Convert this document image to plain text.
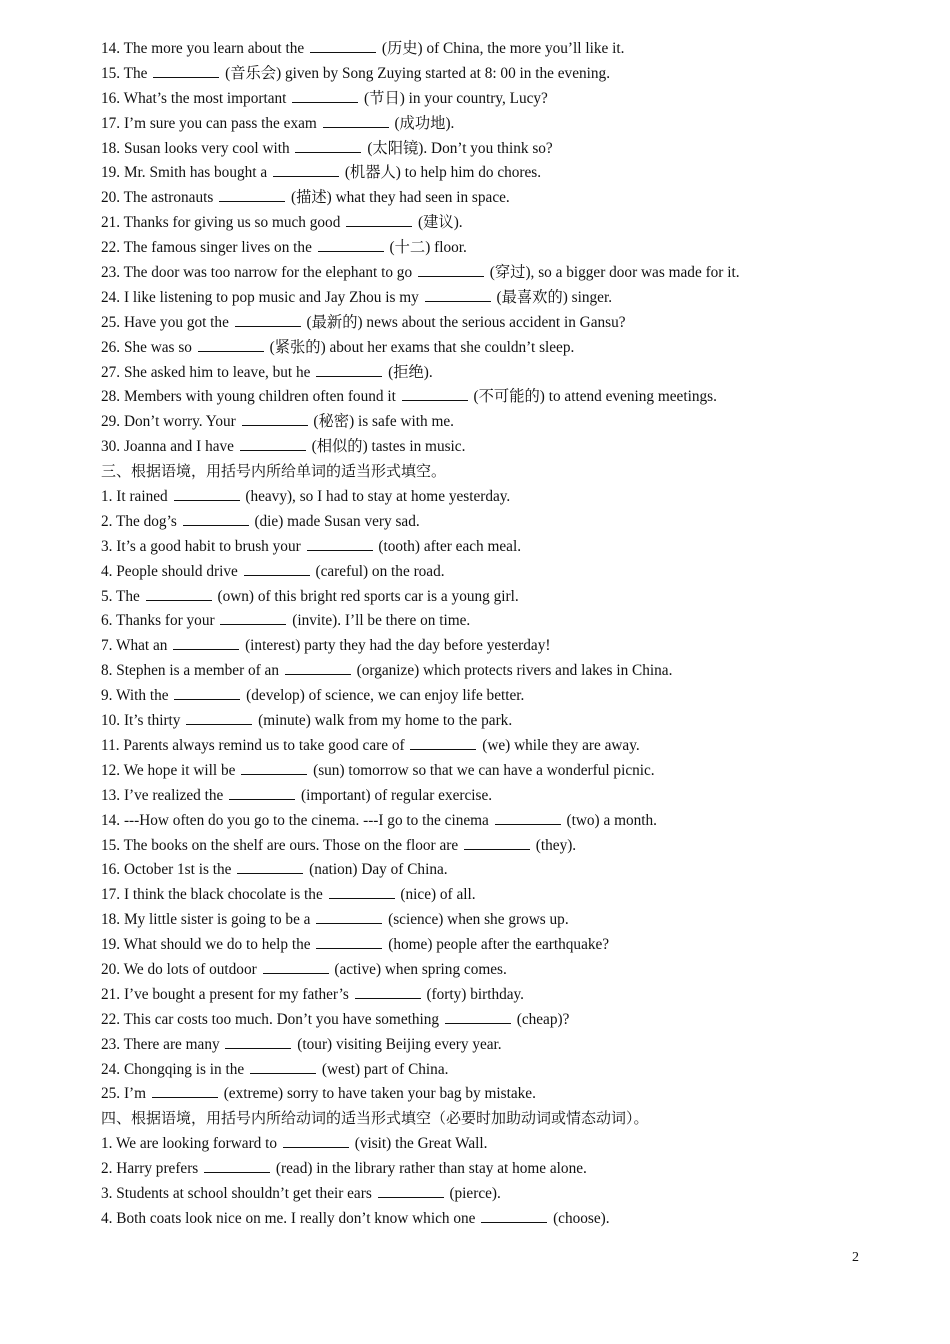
14. The more you learn about the	(历史) of China, the more you’ll like it.
15. The	(音乐会) given by Song Zuying started at 8: 00 in the evening.
16. What’s the most important	(节日) in your country, Lucy?
17. I’m sure you can pass the exam	(成功地).
18. Susan looks very cool with	(太阳镜). Don’t you think so?
19. Mr. Smith has bought a	(机器人) to help him do chores.
20. The astronauts	(描述) what they had seen in space.
21. Thanks for giving us so much good	(建议).
22. The famous singer lives on the	(十二) floor.
23. The door was too narrow for the elephant to go	(穿过), so a bigger door was made for it.
24. I like listening to pop music and Jay Zhou is my	(最喜欢的) singer.
25. Have you got the	(最新的) news about the serious accident in Gansu?
26. She was so	(紧张的) about her exams that she couldn’t sleep.
27. She asked him to leave, but he	(拒绝).
28. Members with young children often found it	(不可能的) to attend evening meetings.
29. Don’t worry. Your	(秘密) is safe with me.
30. Joanna and I have	(相似的) tastes in music.
三、根据语境，用括号内所给单词的适当形式填空。
1. It rained	(heavy), so I had to stay at home yesterday.
2. The dog’s	(die) made Susan very sad.
3. It’s a good habit to brush your	(tooth) after each meal.
4. People should drive	(careful) on the road.
5. The	(own) of this bright red sports car is a young girl.
6. Thanks for your	(invite). I’ll be there on time.
7. What an	(interest) party they had the day before yesterday!
8. Stephen is a member of an	(organize) which protects rivers and lakes in China.
9. With the	(develop) of science, we can enjoy life better.
10. It’s thirty	(minute) walk from my home to the park.
11. Parents always remind us to take good care of	(we) while they are away.
12. We hope it will be	(sun) tomorrow so that we can have a wonderful picnic.
13. I’ve realized the	(important) of regular exercise.
14. ---How often do you go to the cinema. ---I go to the cinema	(two) a month.
15. The books on the shelf are ours. Those on the floor are	(they).
16. October 1st is the	(nation) Day of China.
17. I think the black chocolate is the	(nice) of all.
18. My little sister is going to be a	(science) when she grows up.
19. What should we do to help the	(home) people after the earthquake?
20. We do lots of outdoor	(active) when spring comes.
21. I’ve bought a present for my father’s	(forty) birthday.
22. This car costs too much. Don’t you have something	(cheap)?
23. There are many	(tour) visiting Beijing every year.
24. Chongqing is in the	(west) part of China.
25. I’m	(extreme) sorry to have taken your bag by mistake.
四、根据语境，用括号内所给动词的适当形式填空（必要时加助动词或情态动词）。
1. We are looking forward to	(visit) the Great Wall.
2. Harry prefers	(read) in the library rather than stay at home alone.
3. Students at school shouldn’t get their ears	(pierce).
4. Both coats look nice on me. I really don’t know which one	(choose).
2
